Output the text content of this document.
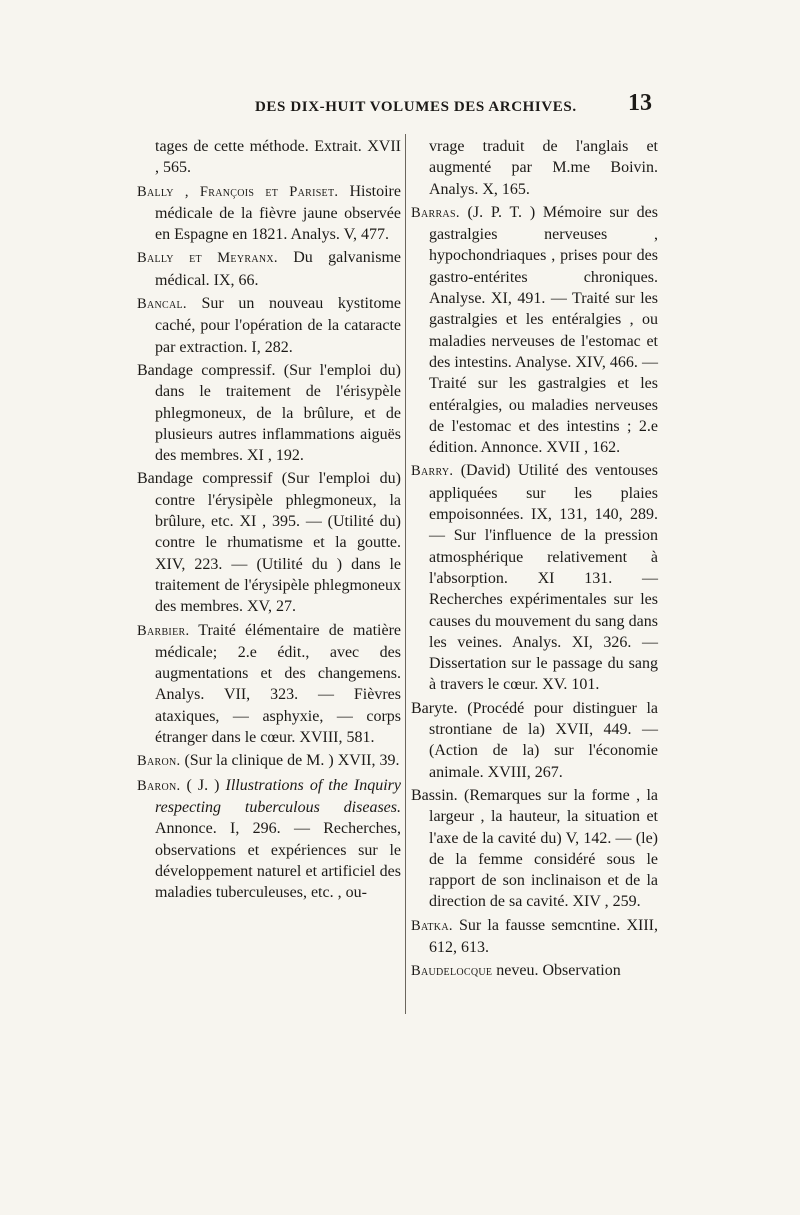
DES DIX-HUIT VOLUMES DES ARCHIVES. 13

tages de cette méthode. Extrait. XVII , 565.

Bally , François et Pariset. Histoire médicale de la fièvre jaune observée en Espagne en 1821. Analys. V, 477.

Bally et Meyranx. Du galvanisme médical. IX, 66.

Bancal. Sur un nouveau kystitome caché, pour l'opération de la cataracte par extraction. I, 282.

Bandage compressif. (Sur l'emploi du) dans le traitement de l'érisypèle phlegmoneux, de la brûlure, et de plusieurs autres inflammations aiguës des membres. XI , 192.

Bandage compressif (Sur l'emploi du) contre l'érysipèle phlegmoneux, la brûlure, etc. XI , 395. — (Utilité du) contre le rhumatisme et la goutte. XIV, 223. — (Utilité du ) dans le traitement de l'érysipèle phlegmoneux des membres. XV, 27.

Barbier. Traité élémentaire de matière médicale; 2.e édit., avec des augmentations et des changemens. Analys. VII, 323. — Fièvres ataxiques, — asphyxie, — corps étranger dans le cœur. XVIII, 581.

Baron. (Sur la clinique de M. ) XVII, 39.

Baron. ( J. ) Illustrations of the Inquiry respecting tuberculous diseases. Annonce. I, 296. — Recherches, observations et expériences sur le développement naturel et artificiel des maladies tuberculeuses, etc. , ou-

vrage traduit de l'anglais et augmenté par M.me Boivin. Analys. X, 165.

Barras. (J. P. T. ) Mémoire sur des gastralgies nerveuses , hypochondriaques , prises pour des gastro-entérites chroniques. Analyse. XI, 491. — Traité sur les gastralgies et les entéralgies , ou maladies nerveuses de l'estomac et des intestins. Analyse. XIV, 466. — Traité sur les gastralgies et les entéralgies, ou maladies nerveuses de l'estomac et des intestins ; 2.e édition. Annonce. XVII , 162.

Barry. (David) Utilité des ventouses appliquées sur les plaies empoisonnées. IX, 131, 140, 289. — Sur l'influence de la pression atmosphérique relativement à l'absorption. XI 131. — Recherches expérimentales sur les causes du mouvement du sang dans les veines. Analys. XI, 326. — Dissertation sur le passage du sang à travers le cœur. XV. 101.

Baryte. (Procédé pour distinguer la strontiane de la) XVII, 449. — (Action de la) sur l'économie animale. XVIII, 267.

Bassin. (Remarques sur la forme , la largeur , la hauteur, la situation et l'axe de la cavité du) V, 142. — (le) de la femme considéré sous le rapport de son inclinaison et de la direction de sa cavité. XIV , 259.

Batka. Sur la fausse semcntine. XIII, 612, 613.

Baudelocque neveu. Observation
